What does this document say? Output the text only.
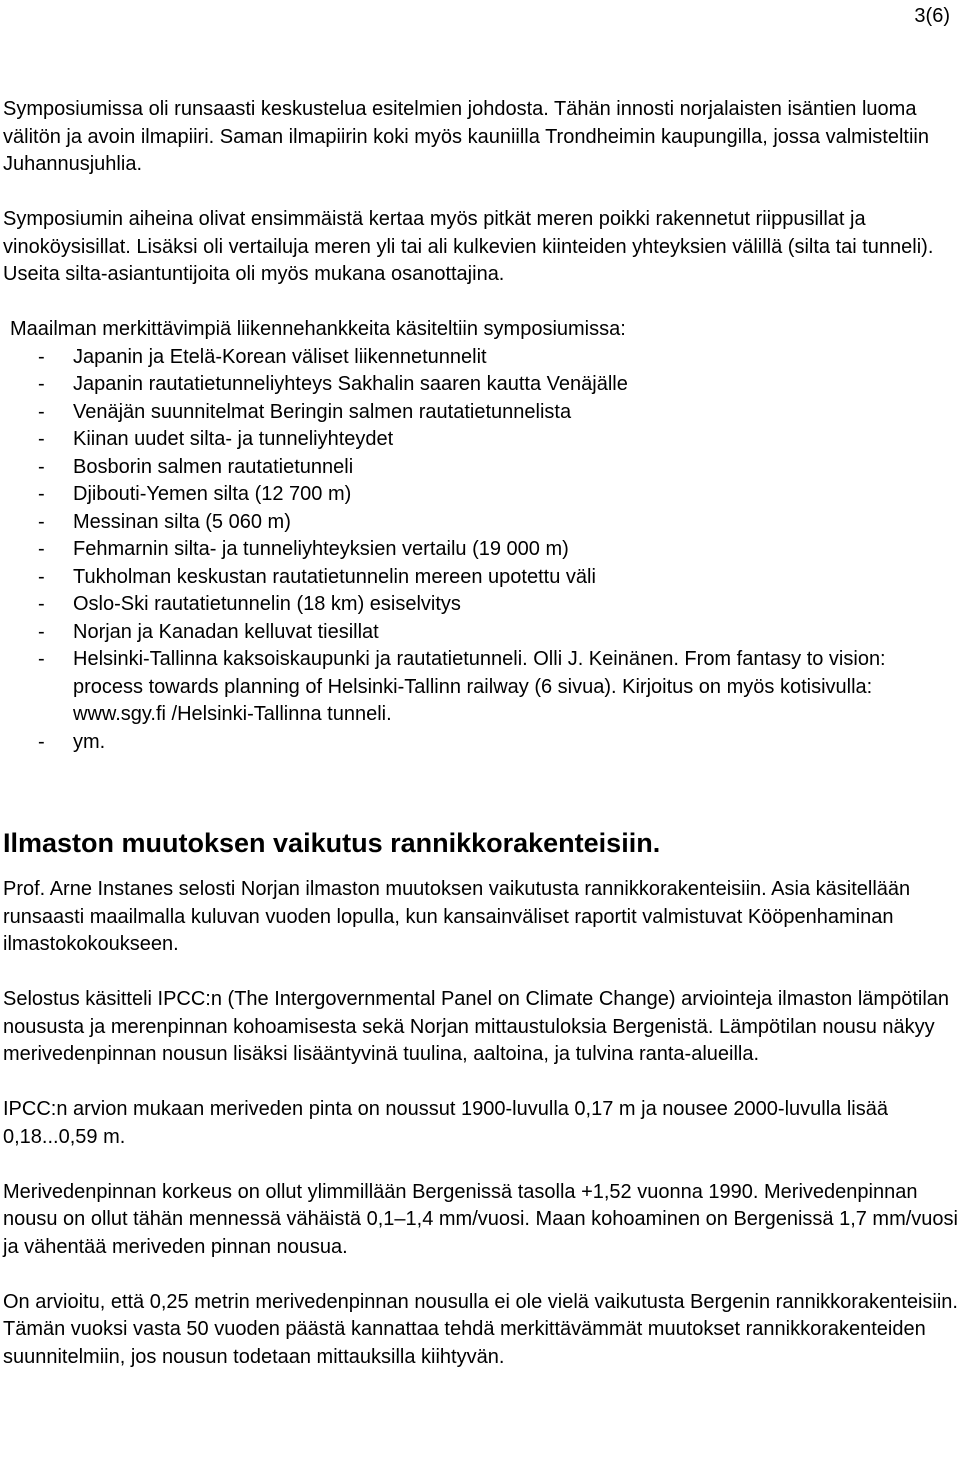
3(6)

Symposiumissa oli runsaasti keskustelua esitelmien johdosta. Tähän innosti norjalaisten isäntien luoma välitön ja avoin ilmapiiri. Saman ilmapiirin koki myös kauniilla Trondheimin kaupungilla, jossa valmisteltiin Juhannusjuhlia.

Symposiumin aiheina olivat ensimmäistä kertaa myös pitkät meren poikki rakennetut riippusillat ja vinoköysisillat. Lisäksi oli vertailuja meren yli tai ali kulkevien kiinteiden yhteyksien välillä (silta tai tunneli). Useita silta-asiantuntijoita oli myös mukana osanottajina.

Maailman merkittävimpiä liikennehankkeita käsiteltiin symposiumissa:

- Japanin ja Etelä-Korean väliset liikennetunnelit
- Japanin rautatietunneliyhteys Sakhalin saaren kautta Venäjälle
- Venäjän suunnitelmat Beringin salmen rautatietunnelista
- Kiinan uudet silta- ja tunneliyhteydet
- Bosborin salmen rautatietunneli
- Djibouti-Yemen silta (12 700 m)
- Messinan silta (5 060 m)
- Fehmarnin silta- ja tunneliyhteyksien vertailu (19 000 m)
- Tukholman keskustan rautatietunnelin mereen upotettu väli
- Oslo-Ski rautatietunnelin (18 km) esiselvitys
- Norjan ja Kanadan kelluvat tiesillat
- Helsinki-Tallinna kaksoiskaupunki ja rautatietunneli. Olli J. Keinänen. From fantasy to vision: process towards planning of Helsinki-Tallinn railway (6 sivua). Kirjoitus on myös kotisivulla: www.sgy.fi /Helsinki-Tallinna tunneli.
- ym.

Ilmaston muutoksen vaikutus rannikkorakenteisiin.

Prof. Arne Instanes selosti Norjan ilmaston muutoksen vaikutusta rannikkorakenteisiin. Asia käsitellään runsaasti maailmalla kuluvan vuoden lopulla, kun kansainväliset raportit valmistuvat Kööpenhaminan ilmastokokoukseen.

Selostus käsitteli IPCC:n (The Intergovernmental Panel on Climate Change) arviointeja ilmaston lämpötilan noususta ja merenpinnan kohoamisesta sekä Norjan mittaustuloksia Bergenistä. Lämpötilan nousu näkyy merivedenpinnan nousun lisäksi lisääntyvinä tuulina, aaltoina, ja tulvina ranta-alueilla.

IPCC:n arvion mukaan meriveden pinta on noussut 1900-luvulla 0,17 m ja nousee 2000-luvulla lisää 0,18...0,59 m.

Merivedenpinnan korkeus on ollut ylimmillään Bergenissä tasolla +1,52 vuonna 1990. Merivedenpinnan nousu on ollut tähän mennessä vähäistä 0,1–1,4 mm/vuosi. Maan kohoaminen on Bergenissä 1,7 mm/vuosi ja vähentää meriveden pinnan nousua.

On arvioitu, että 0,25 metrin merivedenpinnan nousulla ei ole vielä vaikutusta Bergenin rannikkorakenteisiin. Tämän vuoksi vasta 50 vuoden päästä kannattaa tehdä merkittävämmät muutokset rannikkorakenteiden suunnitelmiin, jos nousun todetaan mittauksilla kiihtyvän.
